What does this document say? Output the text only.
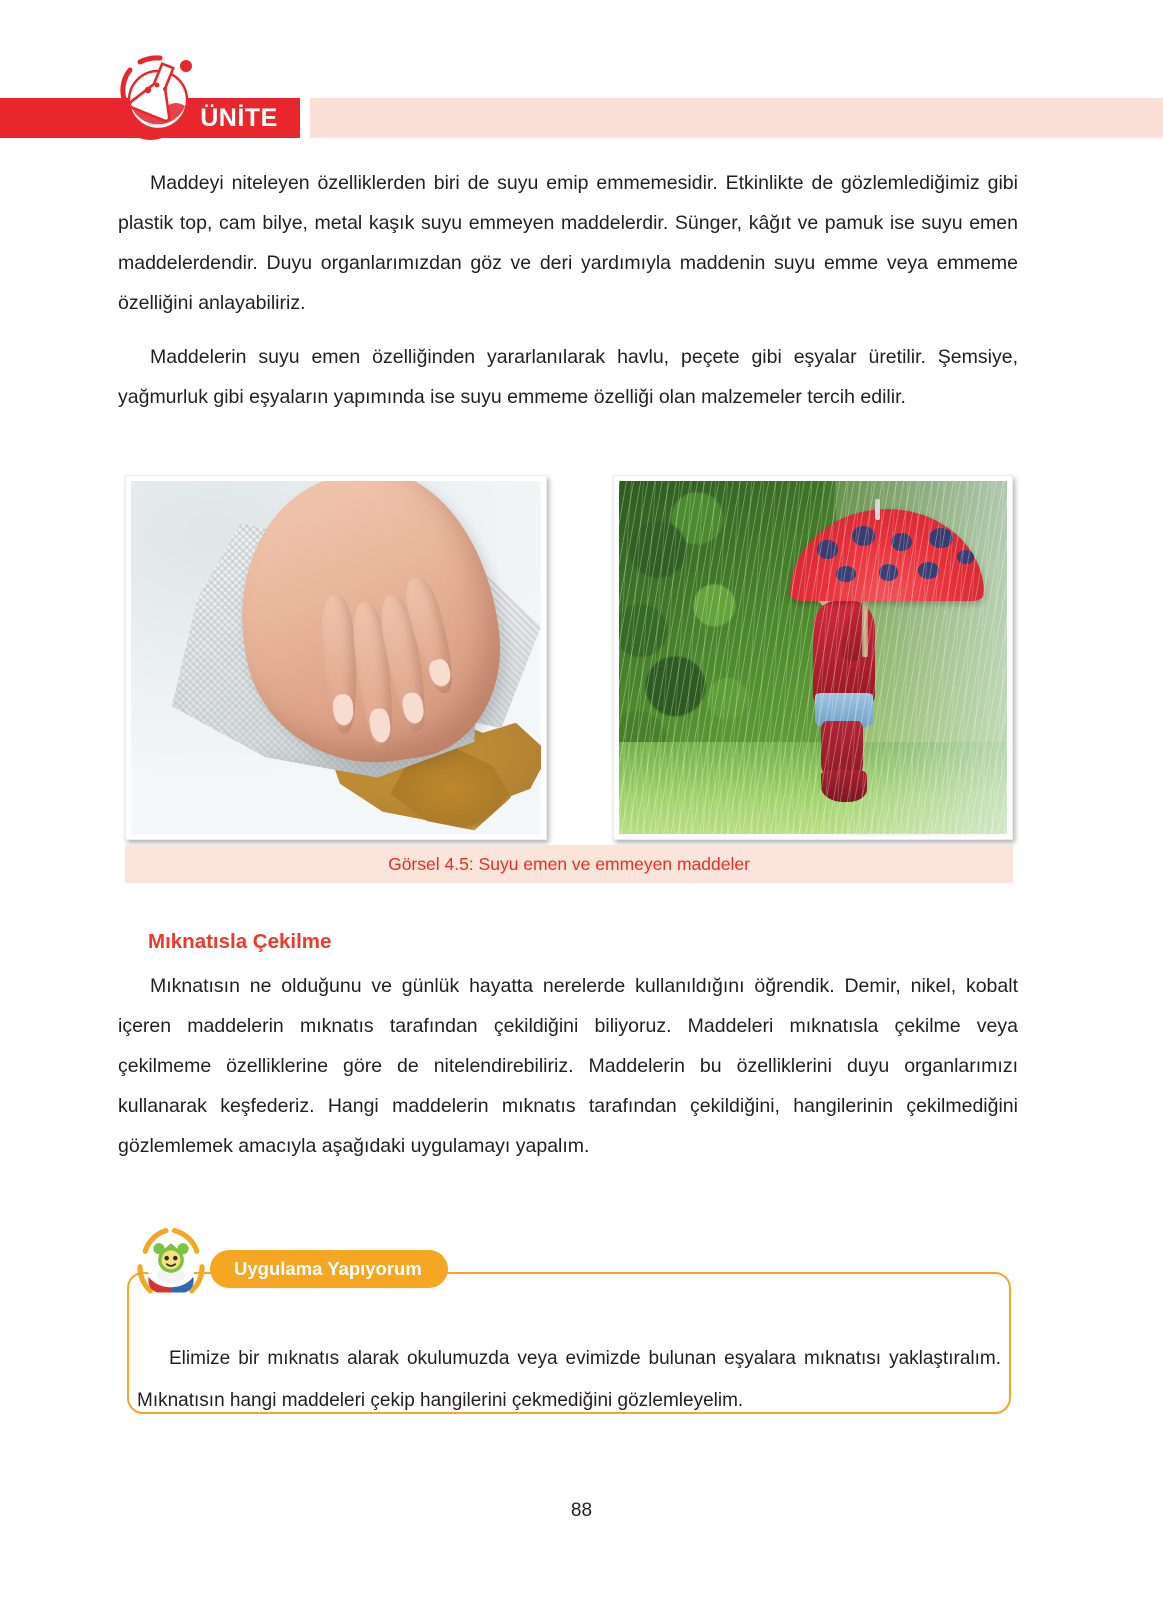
ÜNİTE
4.

Maddeyi niteleyen özelliklerden biri de suyu emip emmemesidir. Etkinlikte de gözlemlediğimiz gibi plastik top, cam bilye, metal kaşık suyu emmeyen maddelerdir. Sünger, kâğıt ve pamuk ise suyu emen maddelerdendir. Duyu organlarımızdan göz ve deri yardımıyla maddenin suyu emme veya emmeme özelliğini anlayabiliriz.

Maddelerin suyu emen özelliğinden yararlanılarak havlu, peçete gibi eşyalar üretilir. Şemsiye, yağmurluk gibi eşyaların yapımında ise suyu emmeme özelliği olan malzemeler tercih edilir.

Görsel 4.5: Suyu emen ve emmeyen maddeler
Mıknatısla Çekilme

Mıknatısın ne olduğunu ve günlük hayatta nerelerde kullanıldığını öğrendik. Demir, nikel, kobalt içeren maddelerin mıknatıs tarafından çekildiğini biliyoruz. Maddeleri mıknatısla çekilme veya çekilmeme özelliklerine göre de nitelendirebiliriz. Maddelerin bu özelliklerini duyu organlarımızı kullanarak keşfederiz. Hangi maddelerin mıknatıs tarafından çekildiğini, hangilerinin çekilmediğini gözlemlemek amacıyla aşağıdaki uygulamayı yapalım.

Uygulama Yapıyorum

Elimize bir mıknatıs alarak okulumuzda veya evimizde bulunan eşyalara mıknatısı yaklaştıralım. Mıknatısın hangi maddeleri çekip hangilerini çekmediğini gözlemleyelim.

88
